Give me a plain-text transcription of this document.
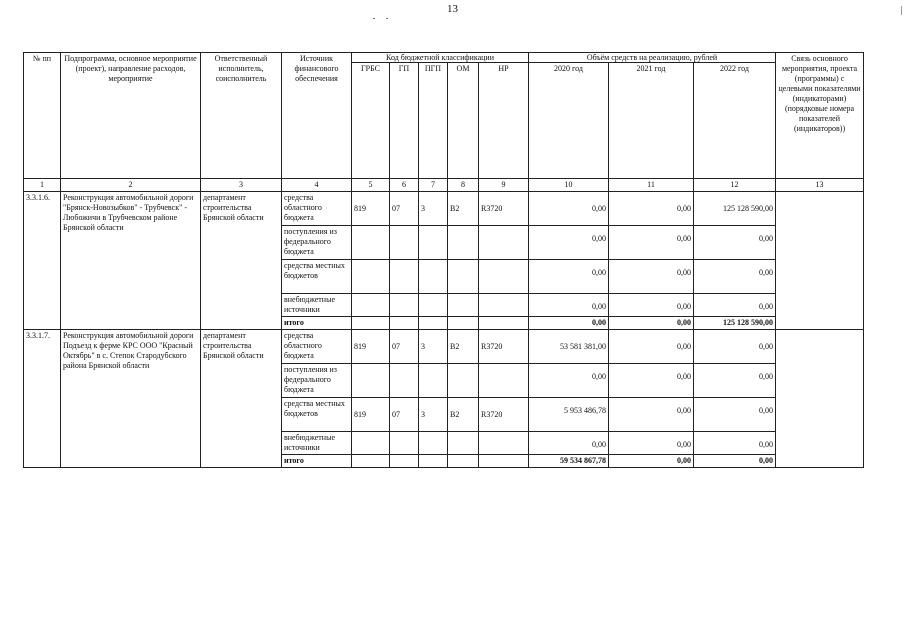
13
№ пп	Подпрограмма, основное мероприятие (проект), направление расходов, мероприятие	Ответственный исполнитель, соисполнитель	Источник финансового обеспечения	Код бюджетной классификации					Объём средств на реализацию, рублей			Связь основного мероприятия, проекта (программы) с целевыми показателями (индикаторами) (порядковые номера показателей (индикаторов))
				ГРБС	ГП	ПГП	ОМ	НР	2020 год	2021 год	2022 год	
1	2	3	4	5	6	7	8	9	10	11	12	13
3.3.1.6.	Реконструкция автомобильной дороги "Брянск-Новозыбков" - Трубчевск" - Любожичи в Трубчевском районе Брянской области	департамент строительства Брянской области	средства областного бюджета	819	07	3	В2	R3720	0,00	0,00	125 128 590,00	
			поступления из федерального бюджета						0,00	0,00	0,00	
			средства местных бюджетов						0,00	0,00	0,00	
			внебюджетные источники						0,00	0,00	0,00	
			итого						0,00	0,00	125 128 590,00	
3.3.1.7.	Реконструкция автомобильной дороги Подъезд к ферме КРС ООО "Красный Октябрь" в с. Степок Стародубского района Брянской области	департамент строительства Брянской области	средства областного бюджета	819	07	3	В2	R3720	53 581 381,00	0,00	0,00	
			поступления из федерального бюджета						0,00	0,00	0,00	
			средства местных бюджетов	819	07	3	В2	R3720	5 953 486,78	0,00	0,00	
			внебюджетные источники						0,00	0,00	0,00	
			итого						59 534 867,78	0,00	0,00	
